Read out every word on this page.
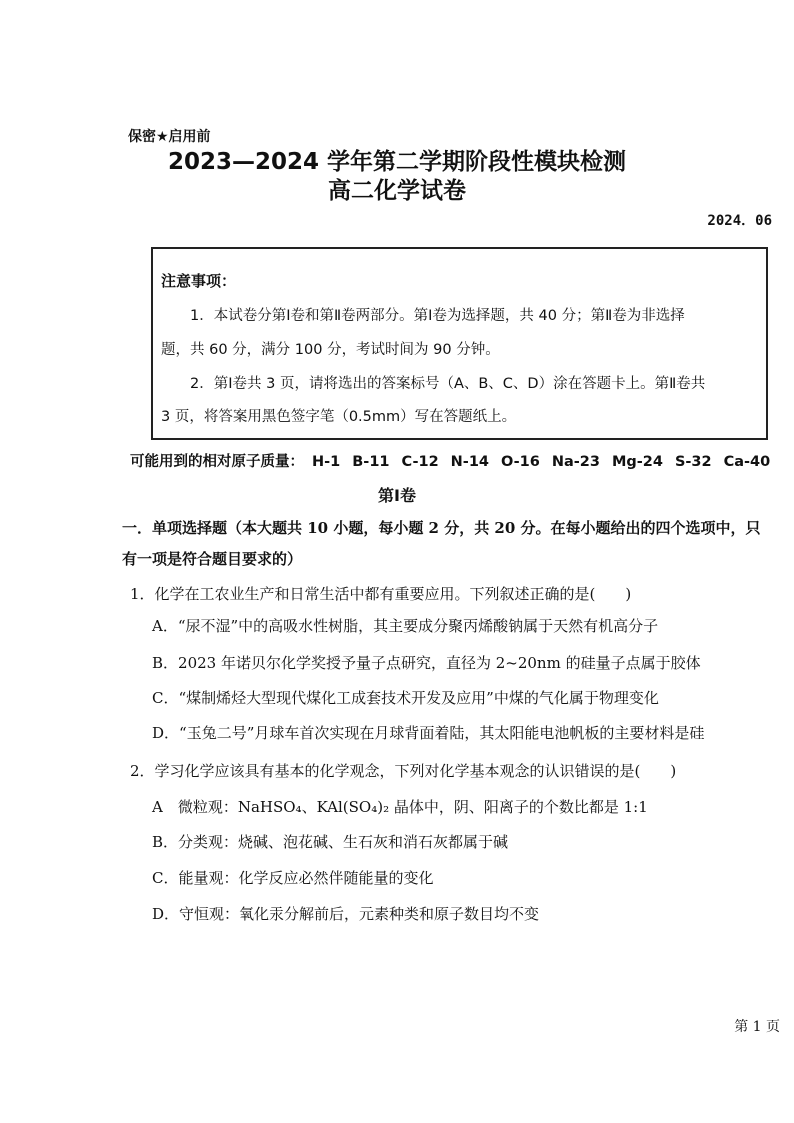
保密★启用前
2023—2024 学年第二学期阶段性模块检测
高二化学试卷
2024．06
注意事项：
1．本试卷分第Ⅰ卷和第Ⅱ卷两部分。第Ⅰ卷为选择题，共 40 分；第Ⅱ卷为非选择
题，共 60 分，满分 100 分，考试时间为 90 分钟。
2．第Ⅰ卷共 3 页，请将选出的答案标号（A、B、C、D）涂在答题卡上。第Ⅱ卷共
3 页，将答案用黑色签字笔（0.5mm）写在答题纸上。
可能用到的相对原子质量： H-1 B-11 C-12 N-14 O-16 Na-23 Mg-24 S-32 Ca-40
第Ⅰ卷
一．单项选择题（本大题共 10 小题，每小题 2 分，共 20 分。在每小题给出的四个选项中，只
有一项是符合题目要求的）
1．化学在工农业生产和日常生活中都有重要应用。下列叙述正确的是(　　)
A．“尿不湿”中的高吸水性树脂，其主要成分聚丙烯酸钠属于天然有机高分子
B．2023 年诺贝尔化学奖授予量子点研究，直径为 2~20nm 的硅量子点属于胶体
C．“煤制烯烃大型现代煤化工成套技术开发及应用”中煤的气化属于物理变化
D．“玉兔二号”月球车首次实现在月球背面着陆，其太阳能电池帆板的主要材料是硅
2．学习化学应该具有基本的化学观念，下列对化学基本观念的认识错误的是(　　)
A　微粒观：NaHSO₄、KAl(SO₄)₂ 晶体中，阴、阳离子的个数比都是 1:1
B．分类观：烧碱、泡花碱、生石灰和消石灰都属于碱
C．能量观：化学反应必然伴随能量的变化
D．守恒观：氧化汞分解前后，元素种类和原子数目均不变
第 1 页
